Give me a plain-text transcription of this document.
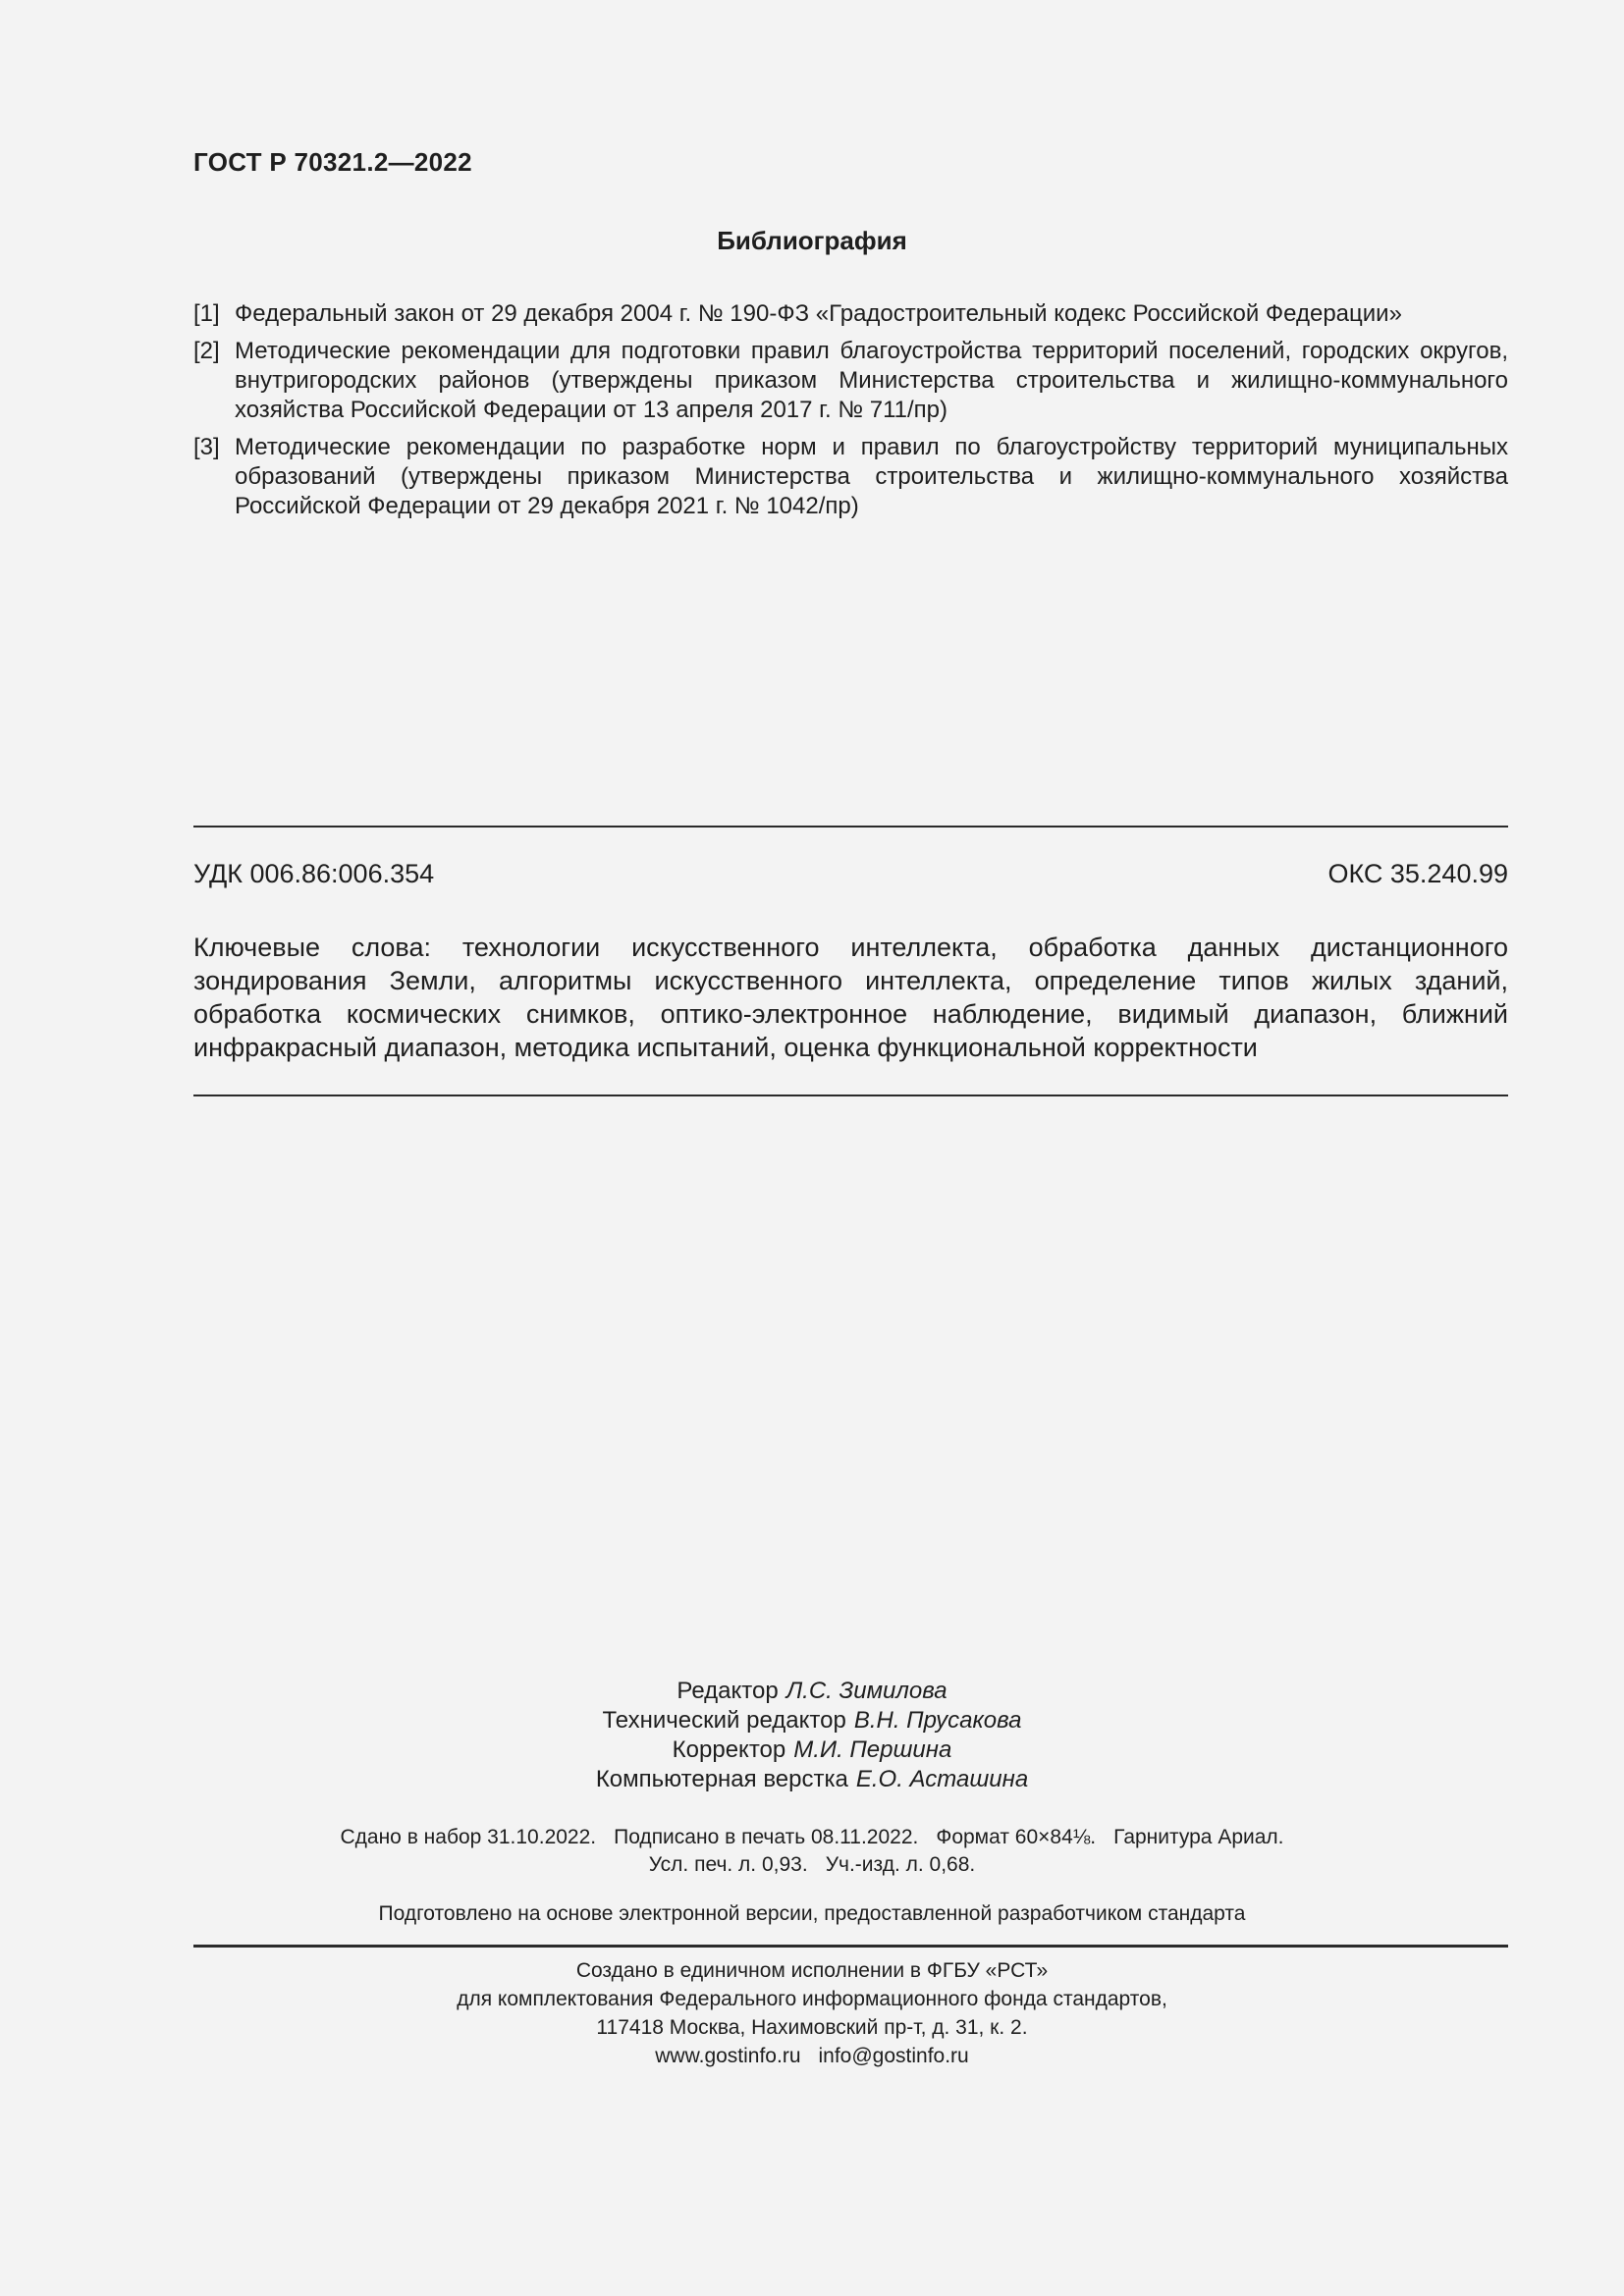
ГОСТ Р 70321.2—2022
Библиография
[1] Федеральный закон от 29 декабря 2004 г. № 190-ФЗ «Градостроительный кодекс Российской Федерации»
[2] Методические рекомендации для подготовки правил благоустройства территорий поселений, городских округов, внутригородских районов (утверждены приказом Министерства строительства и жилищно-коммунального хозяйства Российской Федерации от 13 апреля 2017 г. № 711/пр)
[3] Методические рекомендации по разработке норм и правил по благоустройству территорий муниципальных образований (утверждены приказом Министерства строительства и жилищно-коммунального хозяйства Российской Федерации от 29 декабря 2021 г. № 1042/пр)
УДК 006.86:006.354	ОКС 35.240.99
Ключевые слова: технологии искусственного интеллекта, обработка данных дистанционного зондирования Земли, алгоритмы искусственного интеллекта, определение типов жилых зданий, обработка космических снимков, оптико-электронное наблюдение, видимый диапазон, ближний инфракрасный диапазон, методика испытаний, оценка функциональной корректности
Редактор Л.С. Зимилова
Технический редактор В.Н. Прусакова
Корректор М.И. Першина
Компьютерная верстка Е.О. Асташина
Сдано в набор 31.10.2022. Подписано в печать 08.11.2022. Формат 60×84⅛. Гарнитура Ариал.
Усл. печ. л. 0,93. Уч.-изд. л. 0,68.
Подготовлено на основе электронной версии, предоставленной разработчиком стандарта
Создано в единичном исполнении в ФГБУ «РСТ»
для комплектования Федерального информационного фонда стандартов,
117418 Москва, Нахимовский пр-т, д. 31, к. 2.
www.gostinfo.ru info@gostinfo.ru
